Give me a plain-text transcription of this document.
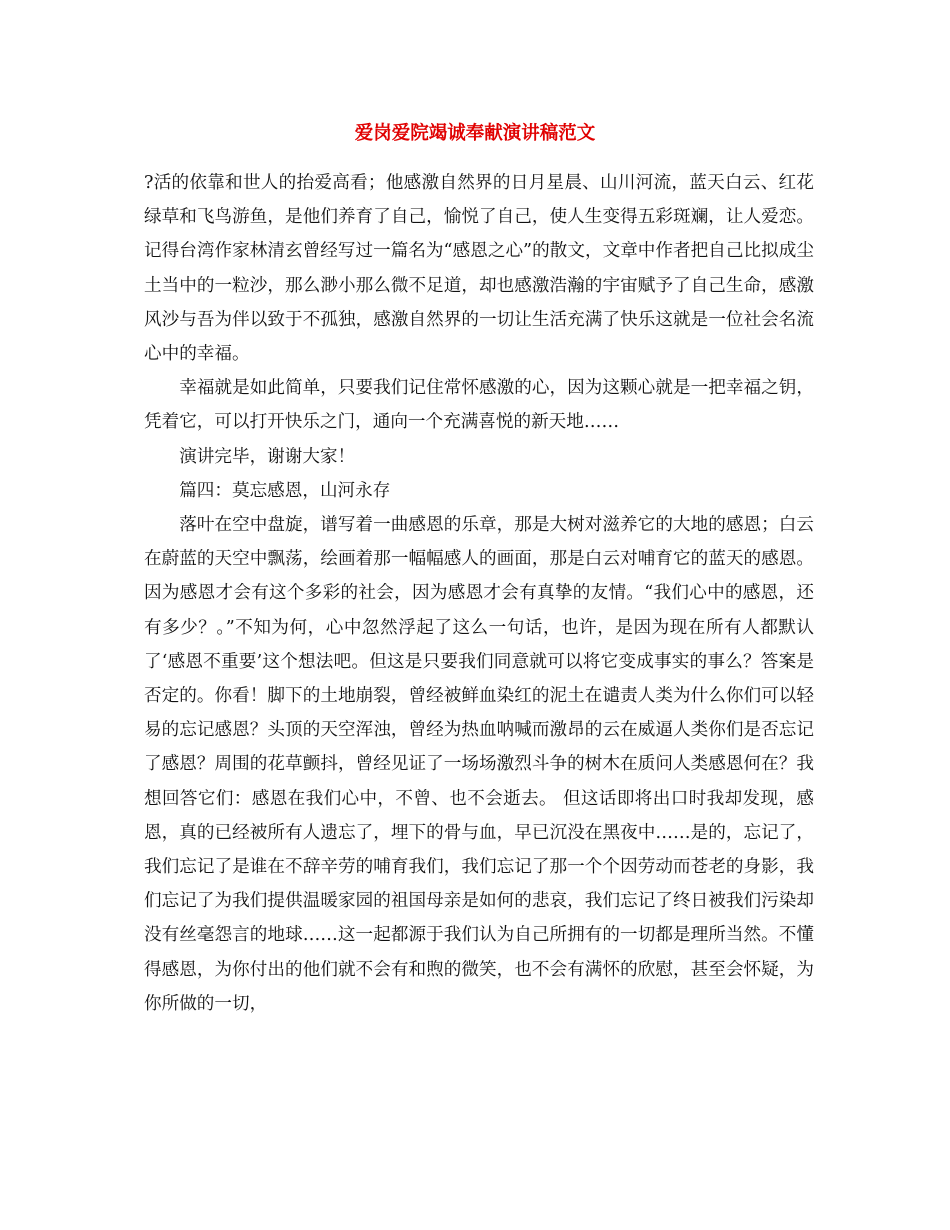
爱岗爱院竭诚奉献演讲稿范文

?活的依靠和世人的抬爱高看；他感激自然界的日月星晨、山川河流，蓝天白云、红花绿草和飞鸟游鱼，是他们养育了自己，愉悦了自己，使人生变得五彩斑斓，让人爱恋。记得台湾作家林清玄曾经写过一篇名为“感恩之心”的散文，文章中作者把自己比拟成尘土当中的一粒沙，那么渺小那么微不足道，却也感激浩瀚的宇宙赋予了自己生命，感激风沙与吾为伴以致于不孤独，感激自然界的一切让生活充满了快乐这就是一位社会名流心中的幸福。

幸福就是如此简单，只要我们记住常怀感激的心，因为这颗心就是一把幸福之钥，凭着它，可以打开快乐之门，通向一个充满喜悦的新天地……

演讲完毕，谢谢大家！

篇四：莫忘感恩，山河永存

落叶在空中盘旋，谱写着一曲感恩的乐章，那是大树对滋养它的大地的感恩；白云在蔚蓝的天空中飘荡，绘画着那一幅幅感人的画面，那是白云对哺育它的蓝天的感恩。因为感恩才会有这个多彩的社会，因为感恩才会有真挚的友情。“我们心中的感恩，还有多少？。”不知为何，心中忽然浮起了这么一句话，也许，是因为现在所有人都默认了‘感恩不重要’这个想法吧。但这是只要我们同意就可以将它变成事实的事么？答案是否定的。你看！脚下的土地崩裂，曾经被鲜血染红的泥土在谴责人类为什么你们可以轻易的忘记感恩？头顶的天空浑浊，曾经为热血呐喊而激昂的云在威逼人类你们是否忘记了感恩？周围的花草颤抖，曾经见证了一场场激烈斗争的树木在质问人类感恩何在？我想回答它们：感恩在我们心中，不曾、也不会逝去。 但这话即将出口时我却发现，感恩，真的已经被所有人遗忘了，埋下的骨与血，早已沉没在黑夜中……是的，忘记了，我们忘记了是谁在不辞辛劳的哺育我们，我们忘记了那一个个因劳动而苍老的身影，我们忘记了为我们提供温暖家园的祖国母亲是如何的悲哀，我们忘记了终日被我们污染却没有丝毫怨言的地球……这一起都源于我们认为自己所拥有的一切都是理所当然。不懂得感恩，为你付出的他们就不会有和煦的微笑，也不会有满怀的欣慰，甚至会怀疑，为你所做的一切，
